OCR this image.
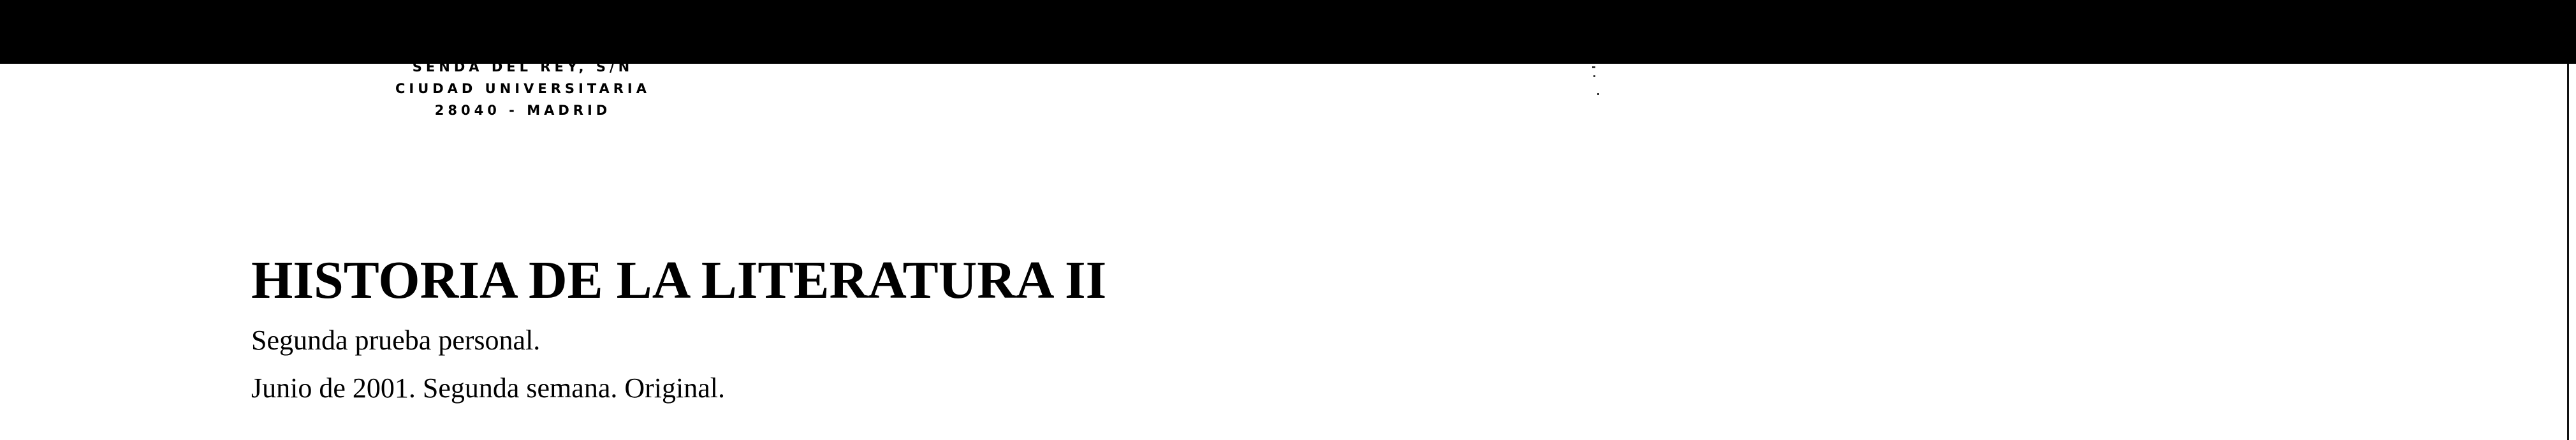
SENDA DEL REY, S/N
CIUDAD UNIVERSITARIA
28040 - MADRID
HISTORIA DE LA LITERATURA II

Segunda prueba personal.

Junio de 2001. Segunda semana. Original.
